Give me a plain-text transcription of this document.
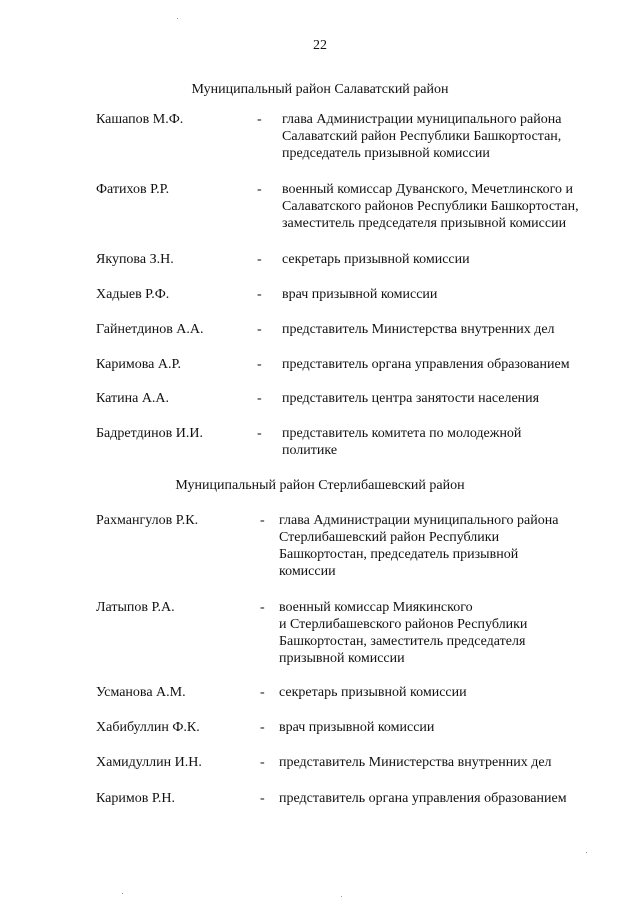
22
Муниципальный район Салаватский район
Кашапов М.Ф.	- глава Администрации муниципального района
Салаватский район Республики Башкортостан,
председатель призывной комиссии
Фатихов Р.Р.	- военный комиссар Дуванского, Мечетлинского и
Салаватского районов Республики Башкортостан,
заместитель председателя призывной комиссии
Якупова З.Н.	- секретарь призывной комиссии
Хадыев Р.Ф.	- врач призывной комиссии
Гайнетдинов А.А.	- представитель Министерства внутренних дел
Каримова А.Р.	- представитель органа управления образованием
Катина А.А.	- представитель центра занятости населения
Бадретдинов И.И.	- представитель комитета по молодежной
политике
Муниципальный район Стерлибашевский район
Рахмангулов Р.К.	- глава Администрации муниципального района
Стерлибашевский район Республики
Башкортостан, председатель призывной
комиссии
Латыпов Р.А.	- военный комиссар Миякинского
и Стерлибашевского районов Республики
Башкортостан, заместитель председателя
призывной комиссии
Усманова А.М.	- секретарь призывной комиссии
Хабибуллин Ф.К.	- врач призывной комиссии
Хамидуллин И.Н.	- представитель Министерства внутренних дел
Каримов Р.Н.	- представитель органа управления образованием
